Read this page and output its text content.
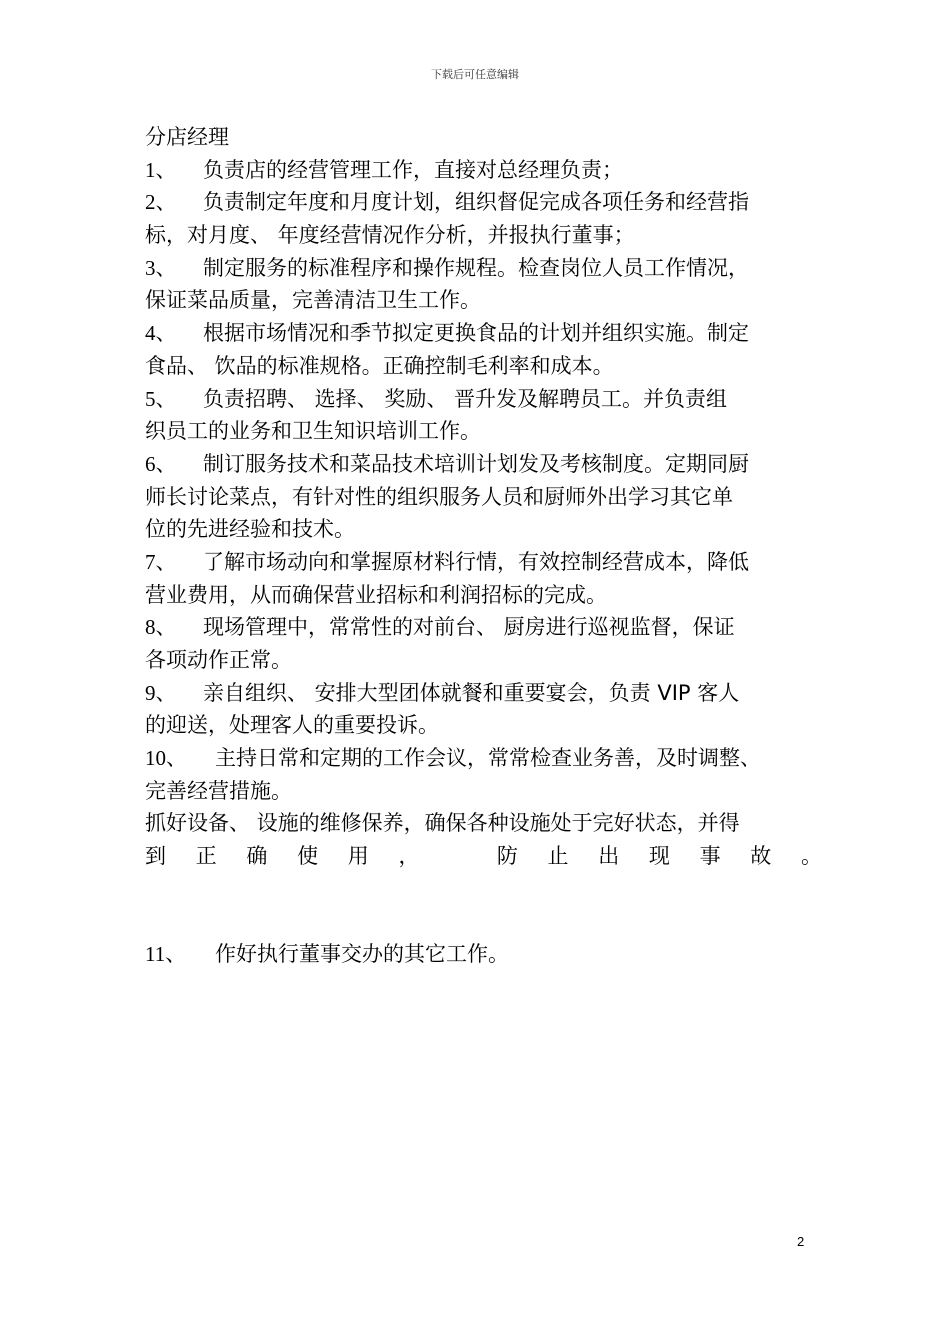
下载后可任意编辑
分店经理
1、 负责店的经营管理工作，直接对总经理负责；
2、 负责制定年度和月度计划，组织督促完成各项任务和经营指
标，对月度、 年度经营情况作分析，并报执行董事；
3、 制定服务的标准程序和操作规程。检查岗位人员工作情况，
保证菜品质量，完善清洁卫生工作。
4、 根据市场情况和季节拟定更换食品的计划并组织实施。制定
食品、 饮品的标准规格。正确控制毛利率和成本。
5、 负责招聘、 选择、 奖励、 晋升发及解聘员工。并负责组
织员工的业务和卫生知识培训工作。
6、 制订服务技术和菜品技术培训计划发及考核制度。定期同厨
师长讨论菜点，有针对性的组织服务人员和厨师外出学习其它单
位的先进经验和技术。
7、 了解市场动向和掌握原材料行情，有效控制经营成本，降低
营业费用，从而确保营业招标和利润招标的完成。
8、 现场管理中，常常性的对前台、 厨房进行巡视监督，保证
各项动作正常。
9、 亲自组织、 安排大型团体就餐和重要宴会，负责 VIP 客人
的迎送，处理客人的重要投诉。
10、 主持日常和定期的工作会议，常常检查业务善，及时调整、
完善经营措施。
抓好设备、 设施的维修保养，确保各种设施处于完好状态，并得
到 正 确 使 用 ，	防 止 出 现 事 故 。
11、 作好执行董事交办的其它工作。
2
